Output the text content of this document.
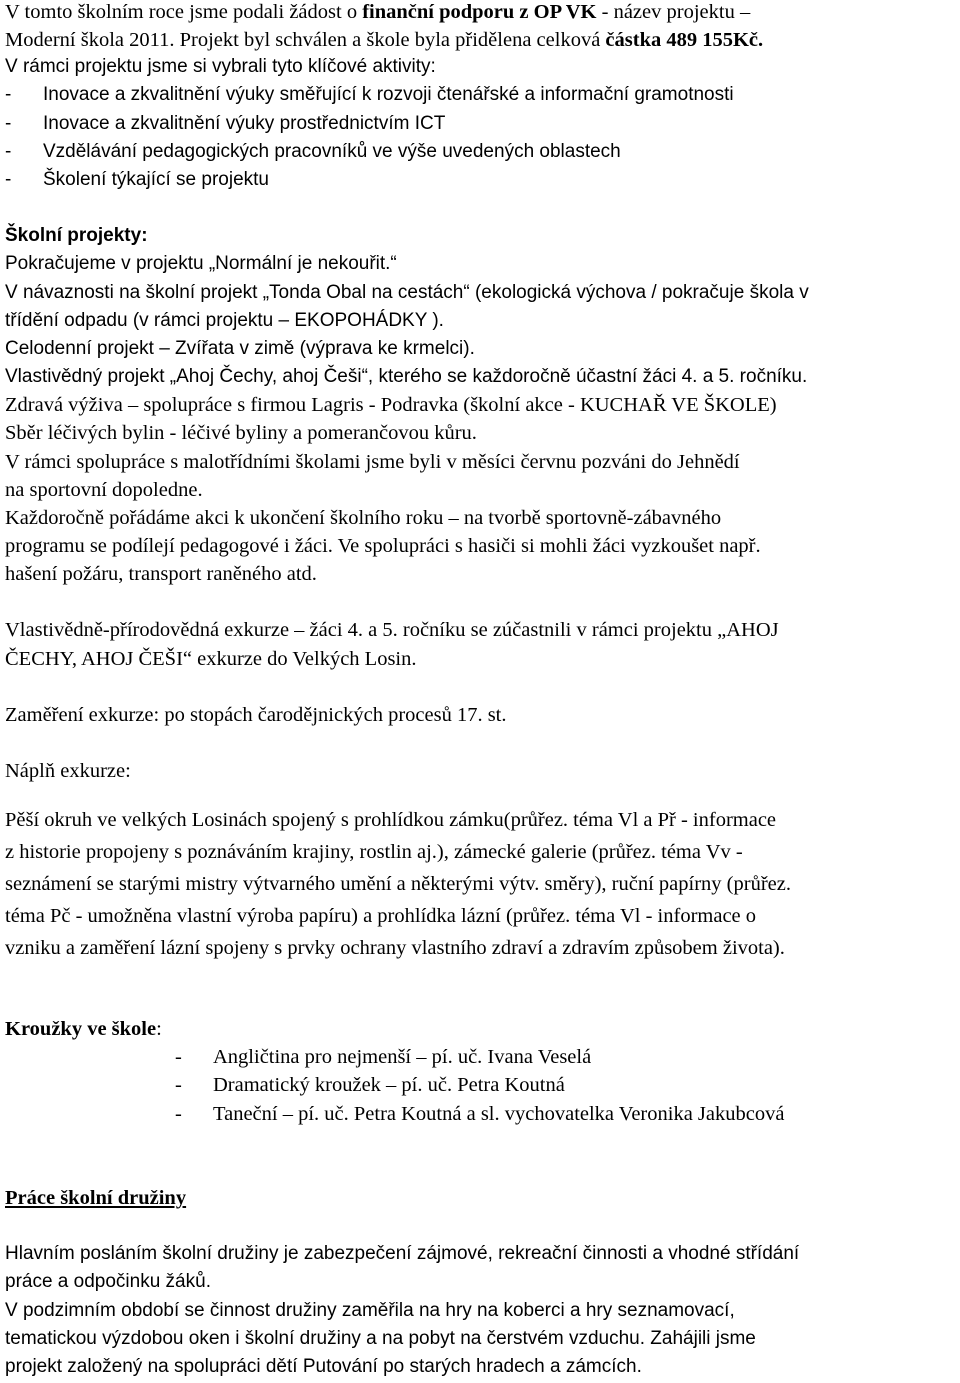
V tomto školním roce jsme podali žádost o finanční podporu z OP VK - název projektu –
Moderní škola 2011. Projekt byl schválen a škole byla přidělena celková částka 489 155Kč.
V rámci projektu jsme si vybrali tyto klíčové aktivity:
- Inovace a zkvalitnění výuky směřující k rozvoji čtenářské a informační gramotnosti
- Inovace a zkvalitnění výuky prostřednictvím ICT
- Vzdělávání pedagogických pracovníků ve výše uvedených oblastech
- Školení týkající se projektu
Školní projekty:
Pokračujeme v projektu „Normální je nekouřit.“
V návaznosti na školní projekt „Tonda Obal na cestách“ (ekologická výchova / pokračuje škola v
třídění odpadu (v rámci projektu – EKOPOHÁDKY ).
Celodenní projekt – Zvířata v zimě (výprava ke krmelci).
Vlastivědný projekt „Ahoj Čechy, ahoj Češi“, kterého se každoročně účastní žáci 4. a 5. ročníku.
Zdravá výživa – spolupráce s firmou Lagris - Podravka (školní akce - KUCHAŘ VE ŠKOLE)
Sběr léčivých bylin - léčivé byliny a pomerančovou kůru.
V rámci spolupráce s malotřídními školami jsme byli v měsíci červnu pozváni do Jehnědí
na sportovní dopoledne.
Každoročně pořádáme akci k ukončení školního roku – na tvorbě sportovně-zábavného
programu se podílejí pedagogové i žáci. Ve spolupráci s hasiči si mohli žáci vyzkoušet např.
hašení požáru, transport raněného atd.
Vlastivědně-přírodovědná exkurze – žáci 4. a 5. ročníku se zúčastnili v rámci projektu „AHOJ
ČECHY, AHOJ ČEŠI“ exkurze do Velkých Losin.
Zaměření exkurze: po stopách čarodějnických procesů 17. st.
Náplň exkurze:
Pěší okruh ve velkých Losinách spojený s prohlídkou zámku(průřez. téma Vl a Př - informace
z historie propojeny s poznáváním krajiny, rostlin aj.), zámecké galerie (průřez. téma Vv -
seznámení se starými mistry výtvarného umění a některými výtv. směry), ruční papírny (průřez.
téma Pč - umožněna vlastní výroba papíru) a prohlídka lázní (průřez. téma Vl - informace o
vzniku a zaměření lázní spojeny s prvky ochrany vlastního zdraví a zdravím způsobem života).
Kroužky ve škole:
- Angličtina pro nejmenší – pí. uč. Ivana Veselá
- Dramatický kroužek – pí. uč. Petra Koutná
- Taneční – pí. uč. Petra Koutná a sl. vychovatelka Veronika Jakubcová
Práce školní družiny
Hlavním posláním školní družiny je zabezpečení zájmové, rekreační činnosti a vhodné střídání
práce a odpočinku žáků.
V podzimním období se činnost družiny zaměřila na hry na koberci a hry seznamovací,
tematickou výzdobou oken i školní družiny a na pobyt na čerstvém vzduchu. Zahájili jsme
projekt založený na spolupráci dětí Putování po starých hradech a zámcích.
